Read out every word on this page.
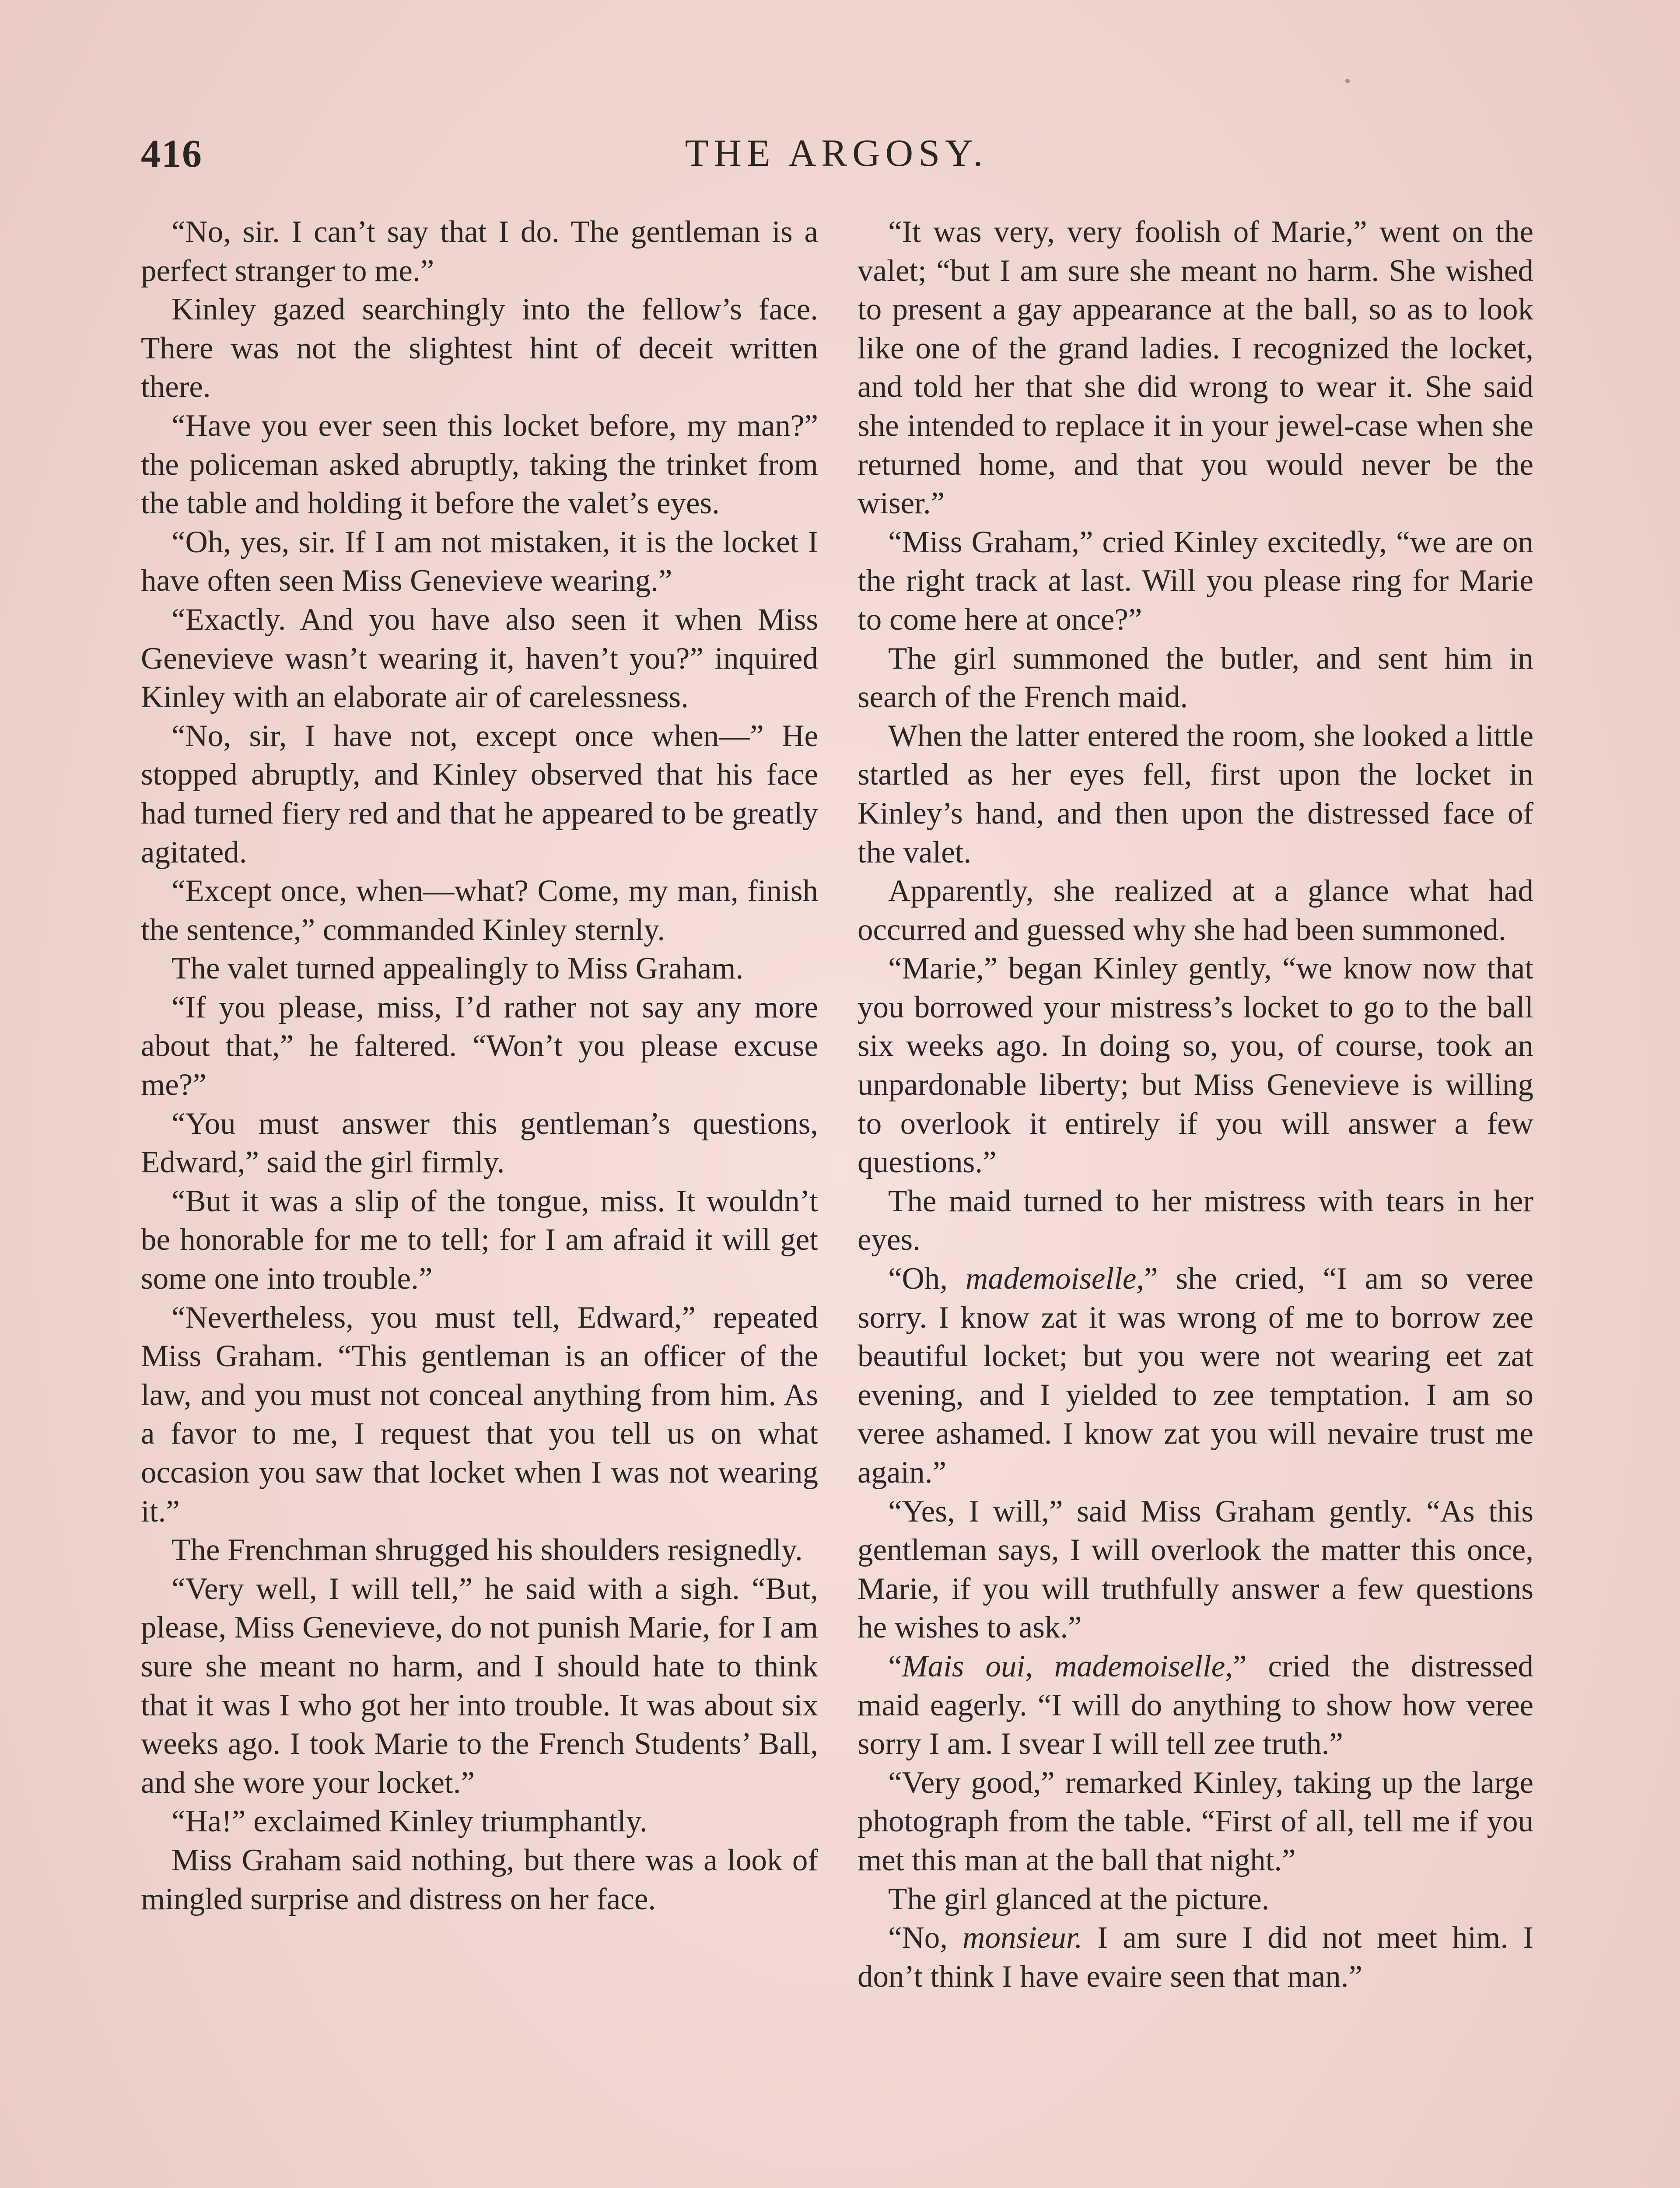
416	THE ARGOSY.

“No, sir. I can’t say that I do. The gentleman is a perfect stranger to me.”

Kinley gazed searchingly into the fellow’s face. There was not the slightest hint of deceit written there.

“Have you ever seen this locket before, my man?” the policeman asked abruptly, taking the trinket from the table and holding it before the valet’s eyes.

“Oh, yes, sir. If I am not mistaken, it is the locket I have often seen Miss Genevieve wearing.”

“Exactly. And you have also seen it when Miss Genevieve wasn’t wearing it, haven’t you?” inquired Kinley with an elaborate air of carelessness.

“No, sir, I have not, except once when—” He stopped abruptly, and Kinley observed that his face had turned fiery red and that he appeared to be greatly agitated.

“Except once, when—what? Come, my man, finish the sentence,” commanded Kinley sternly.

The valet turned appealingly to Miss Graham.

“If you please, miss, I’d rather not say any more about that,” he faltered. “Won’t you please excuse me?”

“You must answer this gentleman’s questions, Edward,” said the girl firmly.

“But it was a slip of the tongue, miss. It wouldn’t be honorable for me to tell; for I am afraid it will get some one into trouble.”

“Nevertheless, you must tell, Edward,” repeated Miss Graham. “This gentleman is an officer of the law, and you must not conceal anything from him. As a favor to me, I request that you tell us on what occasion you saw that locket when I was not wearing it.”

The Frenchman shrugged his shoulders resignedly.

“Very well, I will tell,” he said with a sigh. “But, please, Miss Genevieve, do not punish Marie, for I am sure she meant no harm, and I should hate to think that it was I who got her into trouble. It was about six weeks ago. I took Marie to the French Students’ Ball, and she wore your locket.”

“Ha!” exclaimed Kinley triumphantly.

Miss Graham said nothing, but there was a look of mingled surprise and distress on her face.

“It was very, very foolish of Marie,” went on the valet; “but I am sure she meant no harm. She wished to present a gay appearance at the ball, so as to look like one of the grand ladies. I recognized the locket, and told her that she did wrong to wear it. She said she intended to replace it in your jewel-case when she returned home, and that you would never be the wiser.”

“Miss Graham,” cried Kinley excitedly, “we are on the right track at last. Will you please ring for Marie to come here at once?”

The girl summoned the butler, and sent him in search of the French maid.

When the latter entered the room, she looked a little startled as her eyes fell, first upon the locket in Kinley’s hand, and then upon the distressed face of the valet.

Apparently, she realized at a glance what had occurred and guessed why she had been summoned.

“Marie,” began Kinley gently, “we know now that you borrowed your mistress’s locket to go to the ball six weeks ago. In doing so, you, of course, took an unpardonable liberty; but Miss Genevieve is willing to overlook it entirely if you will answer a few questions.”

The maid turned to her mistress with tears in her eyes.

“Oh, mademoiselle,” she cried, “I am so veree sorry. I know zat it was wrong of me to borrow zee beautiful locket; but you were not wearing eet zat evening, and I yielded to zee temptation. I am so veree ashamed. I know zat you will nevaire trust me again.”

“Yes, I will,” said Miss Graham gently. “As this gentleman says, I will overlook the matter this once, Marie, if you will truthfully answer a few questions he wishes to ask.”

“Mais oui, mademoiselle,” cried the distressed maid eagerly. “I will do anything to show how veree sorry I am. I svear I will tell zee truth.”

“Very good,” remarked Kinley, taking up the large photograph from the table. “First of all, tell me if you met this man at the ball that night.”

The girl glanced at the picture.

“No, monsieur. I am sure I did not meet him. I don’t think I have evaire seen that man.”
